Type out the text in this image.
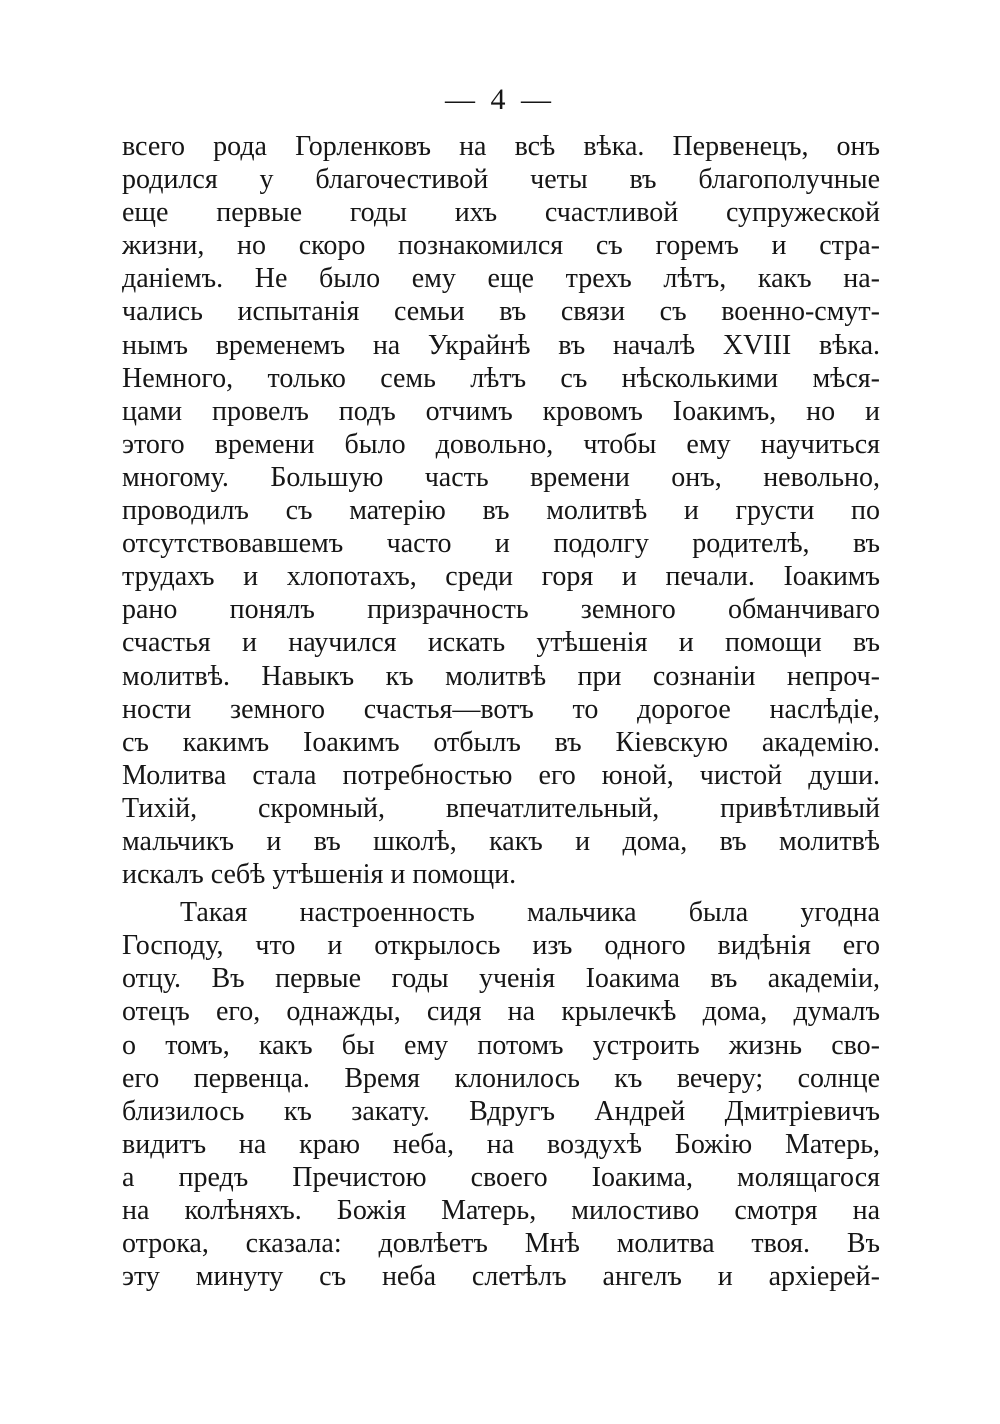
— 4 —
всего рода Горленковъ на всѣ вѣка. Первенецъ, онъ
родился у благочестивой четы въ благополучные
еще первые годы ихъ счастливой супружеской
жизни, но скоро познакомился съ горемъ и стра-
даніемъ. Не было ему еще трехъ лѣтъ, какъ на-
чались испытанія семьи въ связи съ военно-смут-
нымъ временемъ на Украйнѣ въ началѣ XVIII вѣка.
Немного, только семь лѣтъ съ нѣсколькими мѣся-
цами провелъ подъ отчимъ кровомъ Іоакимъ, но и
этого времени было довольно, чтобы ему научиться
многому. Большую часть времени онъ, невольно,
проводилъ съ матерію въ молитвѣ и грусти по
отсутствовавшемъ часто и подолгу родителѣ, въ
трудахъ и хлопотахъ, среди горя и печали. Іоакимъ
рано понялъ призрачность земного обманчиваго
счастья и научился искать утѣшенія и помощи въ
молитвѣ. Навыкъ къ молитвѣ при сознаніи непроч-
ности земного счастья—вотъ то дорогое наслѣдіе,
съ какимъ Іоакимъ отбылъ въ Кіевскую академію.
Молитва стала потребностью его юной, чистой души.
Тихій, скромный, впечатлительный, привѣтливый
мальчикъ и въ школѣ, какъ и дома, въ молитвѣ
искалъ себѣ утѣшенія и помощи.
Такая настроенность мальчика была угодна
Господу, что и открылось изъ одного видѣнія его
отцу. Въ первые годы ученія Іоакима въ академіи,
отецъ его, однажды, сидя на крылечкѣ дома, думалъ
о томъ, какъ бы ему потомъ устроить жизнь сво-
его первенца. Время клонилось къ вечеру; солнце
близилось къ закату. Вдругъ Андрей Дмитріевичъ
видитъ на краю неба, на воздухѣ Божію Матерь,
а предъ Пречистою своего Іоакима, молящагося
на колѣняхъ. Божія Матерь, милостиво смотря на
отрока, сказала: довлѣетъ Мнѣ молитва твоя. Въ
эту минуту съ неба слетѣлъ ангелъ и архіерей-
